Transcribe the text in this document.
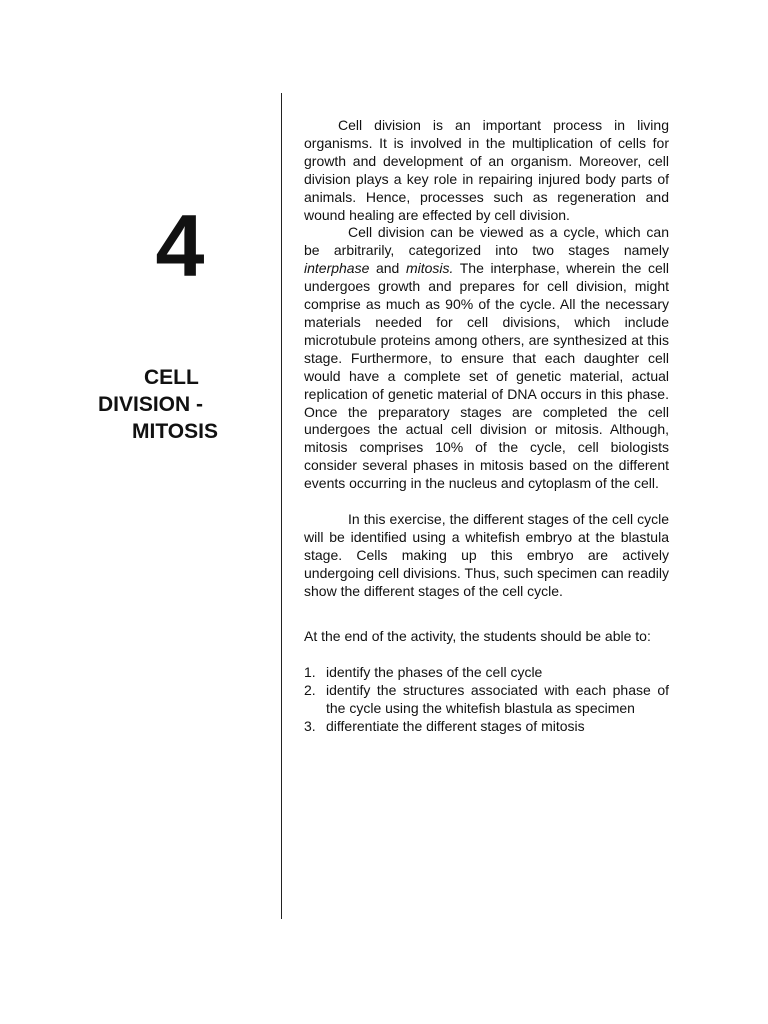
4
CELL
DIVISION -
MITOSIS

Cell division is an important process in living organisms. It is involved in the multiplication of cells for growth and development of an organism. Moreover, cell division plays a key role in repairing injured body parts of animals. Hence, processes such as regeneration and wound healing are effected by cell division.

Cell division can be viewed as a cycle, which can be arbitrarily, categorized into two stages namely interphase and mitosis. The interphase, wherein the cell undergoes growth and prepares for cell division, might comprise as much as 90% of the cycle. All the necessary materials needed for cell divisions, which include microtubule proteins among others, are synthesized at this stage. Furthermore, to ensure that each daughter cell would have a complete set of genetic material, actual replication of genetic material of DNA occurs in this phase. Once the preparatory stages are completed the cell undergoes the actual cell division or mitosis. Although, mitosis comprises 10% of the cycle, cell biologists consider several phases in mitosis based on the different events occurring in the nucleus and cytoplasm of the cell.

In this exercise, the different stages of the cell cycle will be identified using a whitefish embryo at the blastula stage. Cells making up this embryo are actively undergoing cell divisions. Thus, such specimen can readily show the different stages of the cell cycle.

At the end of the activity, the students should be able to:

1. identify the phases of the cell cycle
2. identify the structures associated with each phase of the cycle using the whitefish blastula as specimen
3. differentiate the different stages of mitosis
